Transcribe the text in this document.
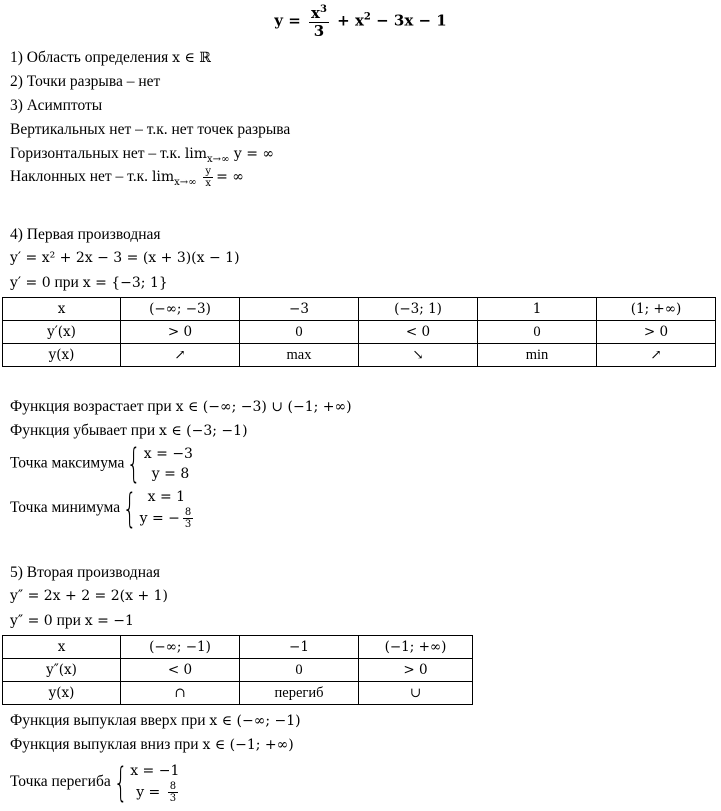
$y = \frac{x^3}{3} + x^2 - 3x - 1$
1) Область определения x ∈ ℝ
2) Точки разрыва – нет
3) Асимптоты
Вертикальных нет – т.к. нет точек разрыва
Горизонтальных нет – т.к. $\lim_{x\to\infty} y$ = ∞
Наклонных нет – т.к. $\lim_{x\to\infty} \frac{y}{x}$ = ∞
4) Первая производная
y′ = x² + 2x − 3 = (x + 3)(x − 1)
y′ = 0 при x = {−3; 1}
x	(−∞; −3)	−3	(−3; 1)	1	(1; +∞)
y′(x)	> 0	0	< 0	0	> 0
y(x)	↗	max	↘	min	↗
Функция возрастает при x ∈ (−∞; −3) ∪ (−1; +∞)
Функция убывает при x ∈ (−3; −1)
Точка максимума{ x = −3
y = 8
Точка минимума{ x = 1
y = − $\frac{8}{3}$
5) Вторая производная
y″ = 2x + 2 = 2(x + 1)
y″ = 0 при x = −1
x	(−∞; −1)	−1	(−1; +∞)
y″(x)	< 0	0	> 0
y(x)	∩	перегиб	∪
Функция выпуклая вверх при x ∈ (−∞; −1)
Функция выпуклая вниз при x ∈ (−1; +∞)
Точка перегиба{ x = −1
$y = \frac{8}{3}$
